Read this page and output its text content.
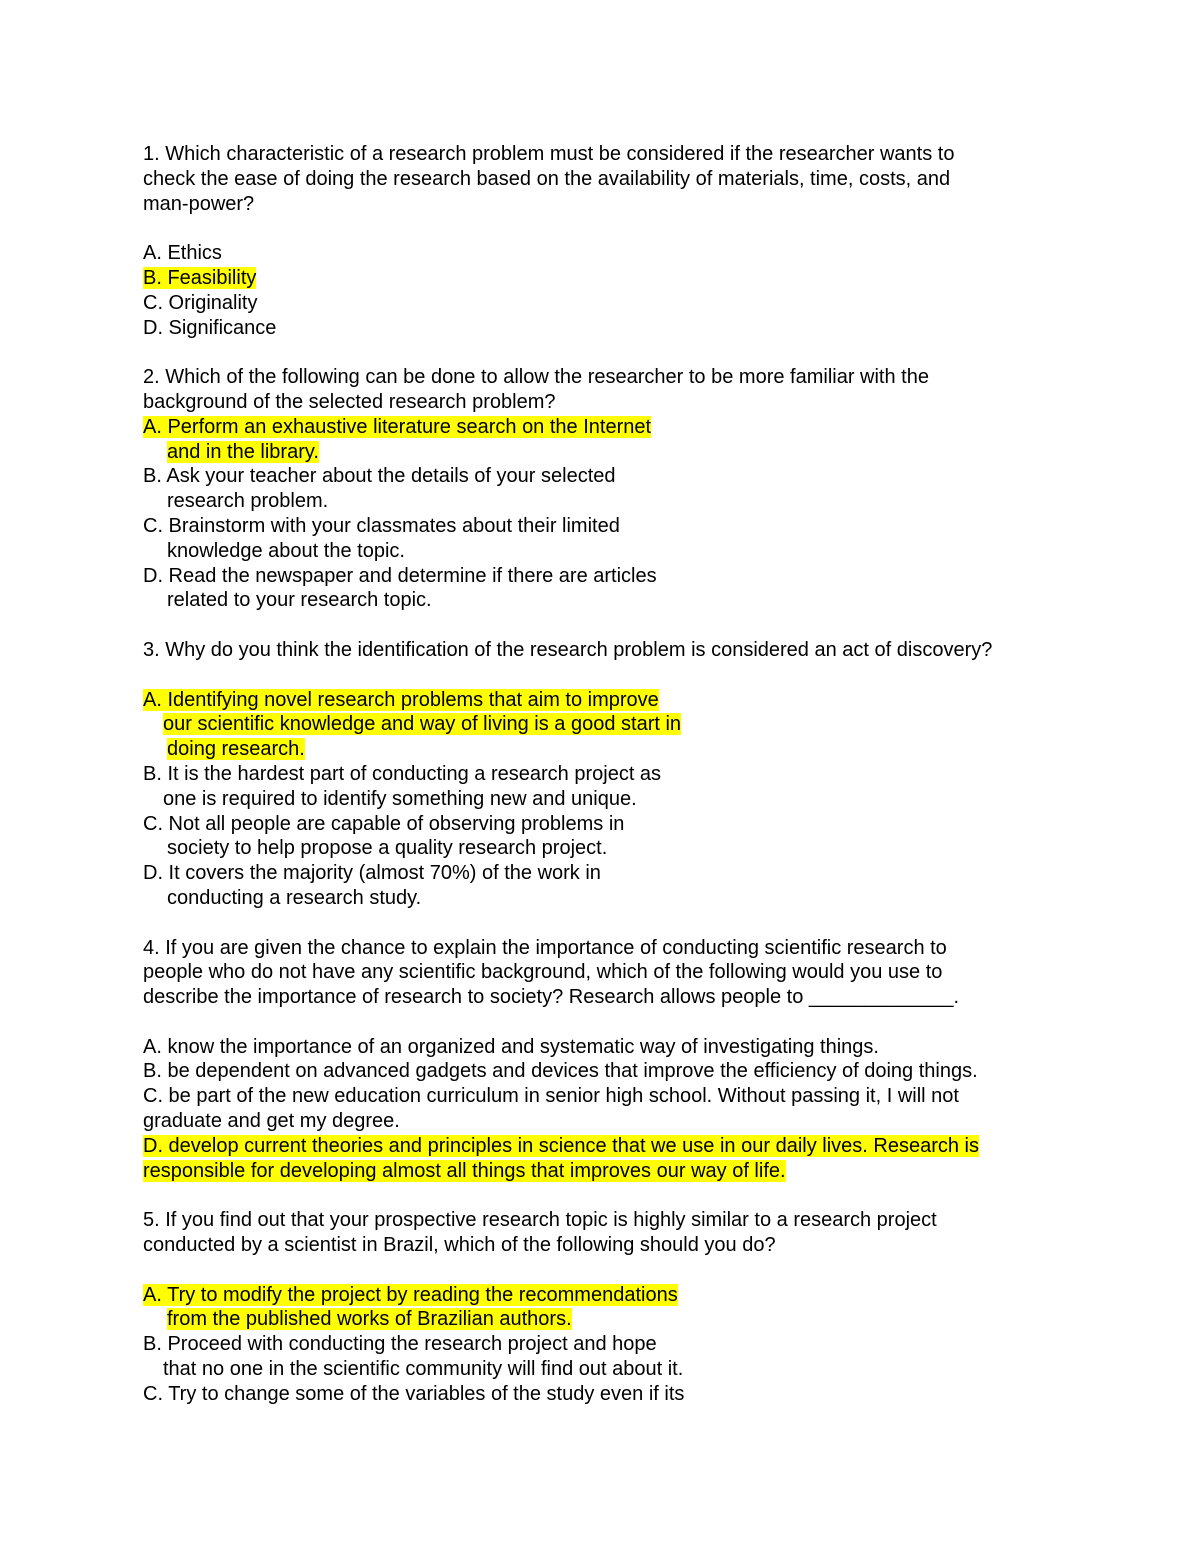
1. Which characteristic of a research problem must be considered if the researcher wants to
check the ease of doing the research based on the availability of materials, time, costs, and
man-power?
A. Ethics
B. Feasibility
C. Originality
D. Significance
2. Which of the following can be done to allow the researcher to be more familiar with the
background of the selected research problem?
A. Perform an exhaustive literature search on the Internet
and in the library.
B. Ask your teacher about the details of your selected
research problem.
C. Brainstorm with your classmates about their limited
knowledge about the topic.
D. Read the newspaper and determine if there are articles
related to your research topic.
3. Why do you think the identification of the research problem is considered an act of discovery?
A. Identifying novel research problems that aim to improve
our scientific knowledge and way of living is a good start in
doing research.
B. It is the hardest part of conducting a research project as
one is required to identify something new and unique.
C. Not all people are capable of observing problems in
society to help propose a quality research project.
D. It covers the majority (almost 70%) of the work in
conducting a research study.
4. If you are given the chance to explain the importance of conducting scientific research to
people who do not have any scientific background, which of the following would you use to
describe the importance of research to society? Research allows people to _____________.
A. know the importance of an organized and systematic way of investigating things.
B. be dependent on advanced gadgets and devices that improve the efficiency of doing things.
C. be part of the new education curriculum in senior high school. Without passing it, I will not
graduate and get my degree.
D. develop current theories and principles in science that we use in our daily lives. Research is
responsible for developing almost all things that improves our way of life.
5. If you find out that your prospective research topic is highly similar to a research project
conducted by a scientist in Brazil, which of the following should you do?
A. Try to modify the project by reading the recommendations
from the published works of Brazilian authors.
B. Proceed with conducting the research project and hope
that no one in the scientific community will find out about it.
C. Try to change some of the variables of the study even if its
